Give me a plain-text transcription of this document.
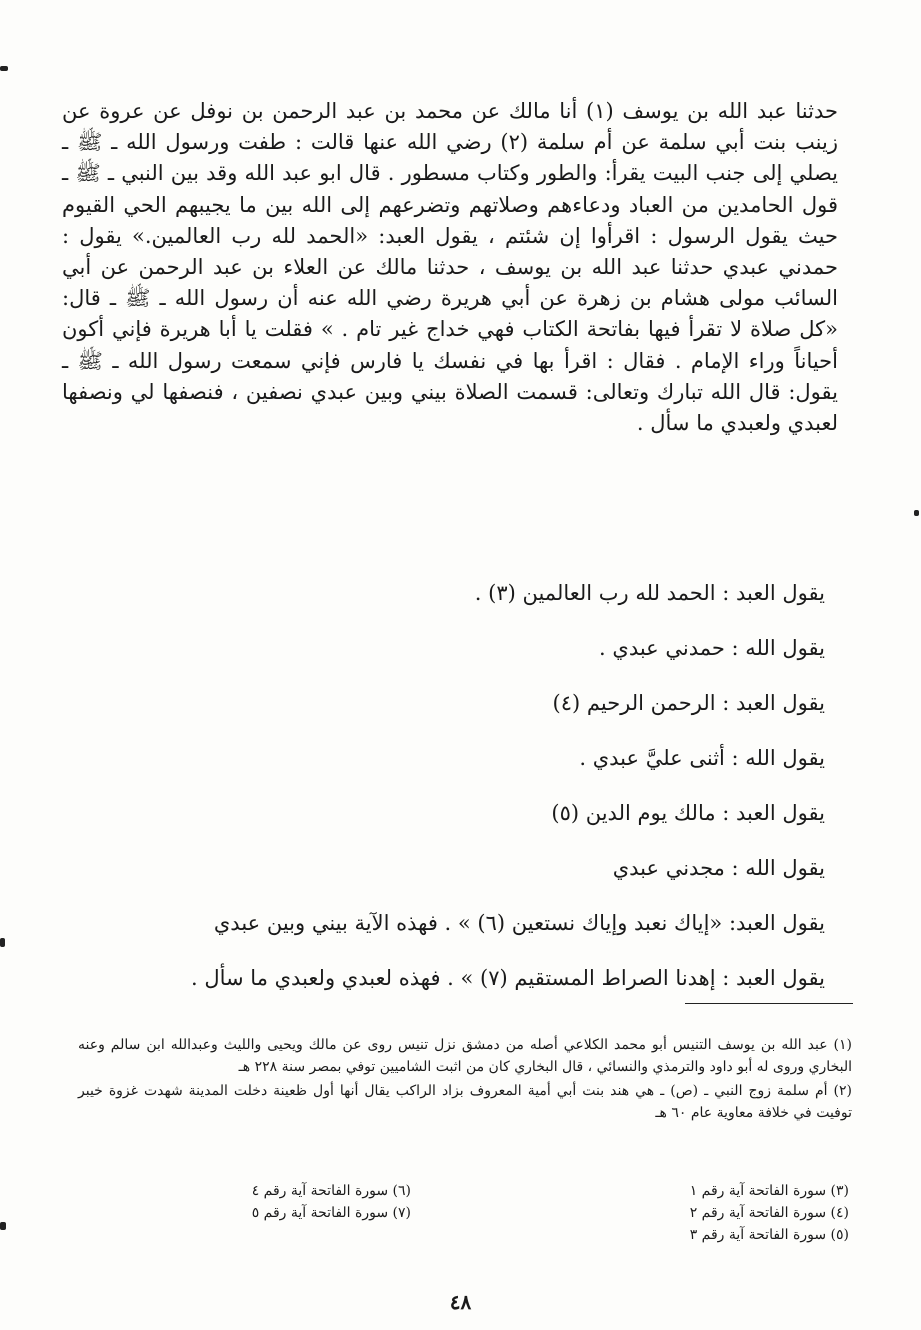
حدثنا عبد الله بن يوسف (١) أنا مالك عن محمد بن عبد الرحمن بن نوفل عن عروة عن زينب بنت أبي سلمة عن أم سلمة (٢) رضي الله عنها قالت : طفت ورسول الله ـ ﷺ ـ يصلي إلى جنب البيت يقرأ: والطور وكتاب مسطور . قال ابو عبد الله وقد بين النبي ـ ﷺ ـ قول الحامدين من العباد ودعاءهم وصلاتهم وتضرعهم إلى الله بين ما يجيبهم الحي القيوم حيث يقول الرسول : اقرأوا إن شئتم ، يقول العبد: «الحمد لله رب العالمين.» يقول : حمدني عبدي حدثنا عبد الله بن يوسف ، حدثنا مالك عن العلاء بن عبد الرحمن عن أبي السائب مولى هشام بن زهرة عن أبي هريرة رضي الله عنه أن رسول الله ـ ﷺ ـ قال: «كل صلاة لا تقرأ فيها بفاتحة الكتاب فهي خداج غير تام . » فقلت يا أبا هريرة فإني أكون أحياناً وراء الإمام . فقال : اقرأ بها في نفسك يا فارس فإني سمعت رسول الله ـ ﷺ ـ يقول: قال الله تبارك وتعالى: قسمت الصلاة بيني وبين عبدي نصفين ، فنصفها لي ونصفها لعبدي ولعبدي ما سأل .

يقول العبد : الحمد لله رب العالمين (٣) .
يقول الله : حمدني عبدي .
يقول العبد : الرحمن الرحيم (٤)
يقول الله : أثنى عليَّ عبدي .
يقول العبد : مالك يوم الدين (٥)
يقول الله : مجدني عبدي
يقول العبد: «إياك نعبد وإياك نستعين (٦) » . فهذه الآية بيني وبين عبدي
يقول العبد : إهدنا الصراط المستقيم (٧) » . فهذه لعبدي ولعبدي ما سأل .

(١) عبد الله بن يوسف التنيس أبو محمد الكلاعي أصله من دمشق نزل تنيس روى عن مالك ويحيى والليث وعبدالله ابن سالم وعنه البخاري وروى له أبو داود والترمذي والنسائي ، قال البخاري كان من اثبت الشاميين توفي بمصر سنة ٢٢٨ هـ

(٢) أم سلمة زوج النبي ـ (ص) ـ هي هند بنت أبي أمية المعروف بزاد الراكب يقال أنها أول ظعينة دخلت المدينة شهدت غزوة خيبر توفيت في خلافة معاوية عام ٦٠ هـ

(٣) سورة الفاتحة آية رقم ١
(٤) سورة الفاتحة آية رقم ٢
(٥) سورة الفاتحة آية رقم ٣
(٦) سورة الفاتحة آية رقم ٤
(٧) سورة الفاتحة آية رقم ٥
٤٨
